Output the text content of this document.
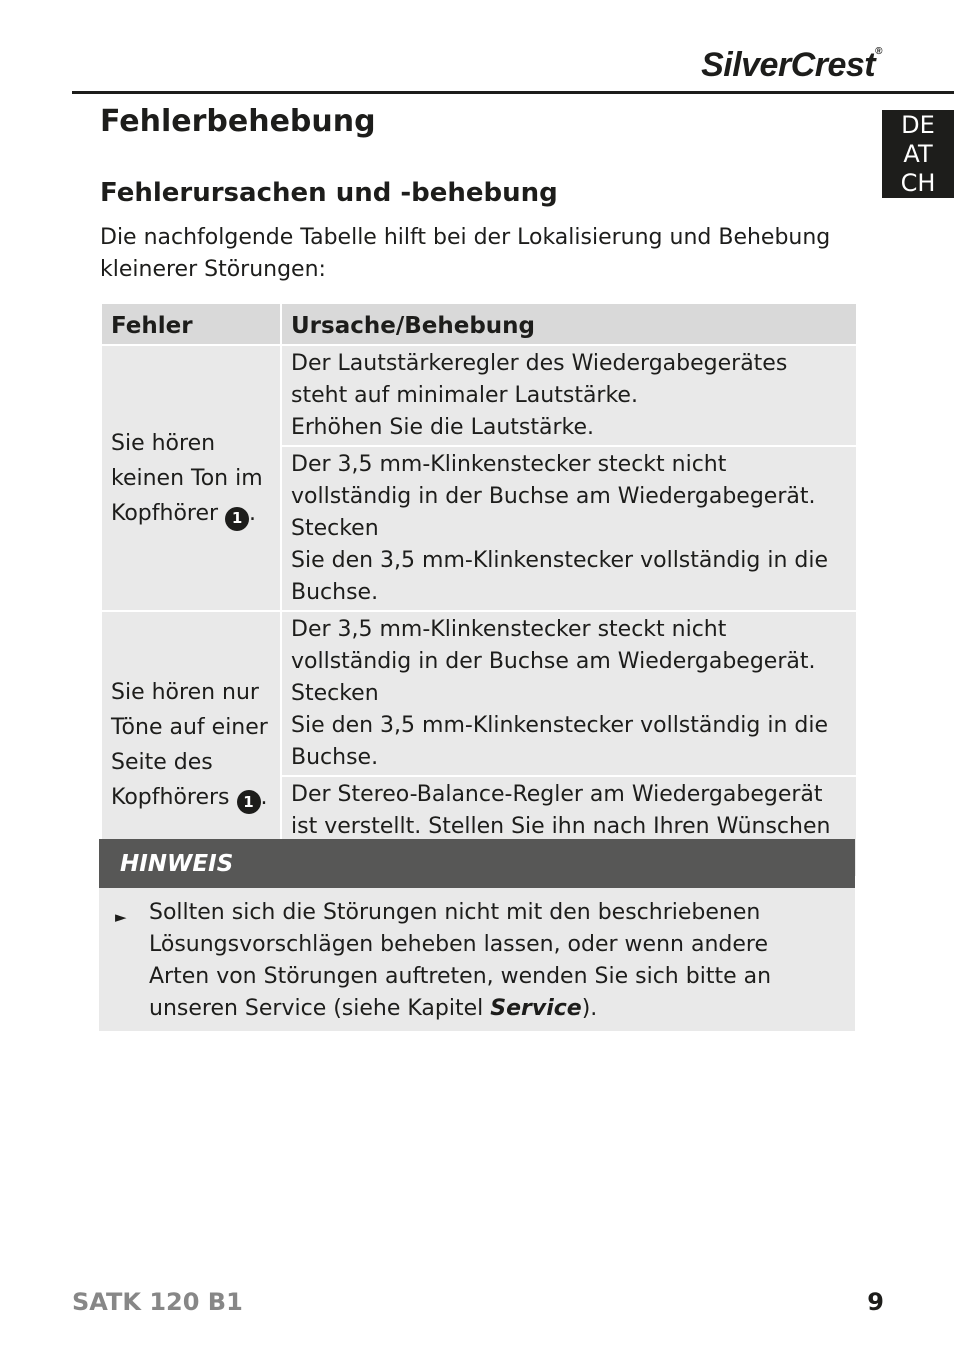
SilverCrest®
DE
AT
CH
Fehlerbehebung
Fehlerursachen und -behebung

Die nachfolgende Tabelle hilft bei der Lokalisierung und Behebung kleinerer Störungen:

Fehler	Ursache/Behebung
Sie hören keinen Ton im Kopfhörer 1 .	Der Lautstärkeregler des Wiedergabegerätes steht auf minimaler Lautstärke.
Erhöhen Sie die Lautstärke.
	Der 3,5 mm-Klinkenstecker steckt nicht vollständig in der Buchse am Wiedergabegerät. Stecken
Sie den 3,5 mm-Klinkenstecker vollständig in die Buchse.
Sie hören nur Töne auf einer Seite des Kopfhörers 1 .	Der 3,5 mm-Klinkenstecker steckt nicht vollständig in der Buchse am Wiedergabegerät. Stecken
Sie den 3,5 mm-Klinkenstecker vollständig in die Buchse.
	Der Stereo-Balance-Regler am Wiedergabegerät ist verstellt. Stellen Sie ihn nach Ihren Wünschen
HINWEIS
► Sollten sich die Störungen nicht mit den beschriebenen Lösungsvorschlägen beheben lassen, oder wenn andere Arten von Störungen auftreten, wenden Sie sich bitte an unseren Service (siehe Kapitel Service).

SATK 120 B1	9
